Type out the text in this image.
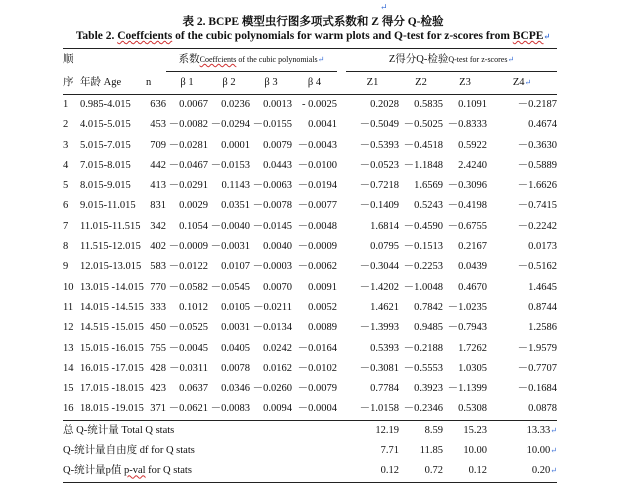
↵
表 2. BCPE 模型虫行图多项式系数和 Z 得分 Q-检验
Table 2. Coeffcients of the cubic polynomials for warm plots and Q-test for z-scores from BCPE↵
顺			系数Coeffcients of the cubic polynomials↵					Z得分Q-检验Q-test for z-scores↵			
序	年龄 Age	n	β 1	β 2	β 3	β 4		Z1	Z2	Z3	Z4↵
1	0.985-4.015	636	0.0067	0.0236	0.0013	- 0.0025		0.2028	0.5835	0.1091	－0.2187
2	4.015-5.015	453	－0.0082	－0.0294	－0.0155	0.0041		－0.5049	－0.5025	－0.8333	0.4674
3	5.015-7.015	709	－0.0281	0.0001	0.0079	－0.0043		－0.5393	－0.4518	0.5922	－0.3630
4	7.015-8.015	442	－0.0467	－0.0153	0.0443	－0.0100		－0.0523	－1.1848	2.4240	－0.5889
5	8.015-9.015	413	－0.0291	0.1143	－0.0063	－0.0194		－0.7218	1.6569	－0.3096	－1.6626
6	9.015-11.015	831	0.0029	0.0351	－0.0078	－0.0077		－0.1409	0.5243	－0.4198	－0.7415
7	11.015-11.515	342	0.1054	－0.0040	－0.0145	－0.0048		1.6814	－0.4590	－0.6755	－0.2242
8	11.515-12.015	402	－0.0009	－0.0031	0.0040	－0.0009		0.0795	－0.1513	0.2167	0.0173
9	12.015-13.015	583	－0.0122	0.0107	－0.0003	－0.0062		－0.3044	－0.2253	0.0439	－0.5162
10	13.015 -14.015	770	－0.0582	－0.0545	0.0070	0.0091		－1.4202	－1.0048	0.4670	1.4645
11	14.015 -14.515	333	0.1012	0.0105	－0.0211	0.0052		1.4621	0.7842	－1.0235	0.8744
12	14.515 -15.015	450	－0.0525	0.0031	－0.0134	0.0089		－1.3993	0.9485	－0.7943	1.2586
13	15.015 -16.015	755	－0.0045	0.0405	0.0242	－0.0164		0.5393	－0.2188	1.7262	－1.9579
14	16.015 -17.015	428	－0.0311	0.0078	0.0162	－0.0102		－0.3081	－0.5553	1.0305	－0.7707
15	17.015 -18.015	423	0.0637	0.0346	－0.0260	－0.0079		0.7784	0.3923	－1.1399	－0.1684
16	18.015 -19.015	371	－0.0621	－0.0083	0.0094	－0.0004		－1.0158	－0.2346	0.5308	0.0878
总 Q-统计量 Total Q stats								12.19	8.59	15.23	13.33↵
Q-统计量自由度 df for Q stats								7.71	11.85	10.00	10.00↵
Q-统计量p值 p-val for Q stats								0.12	0.72	0.12	0.20↵
